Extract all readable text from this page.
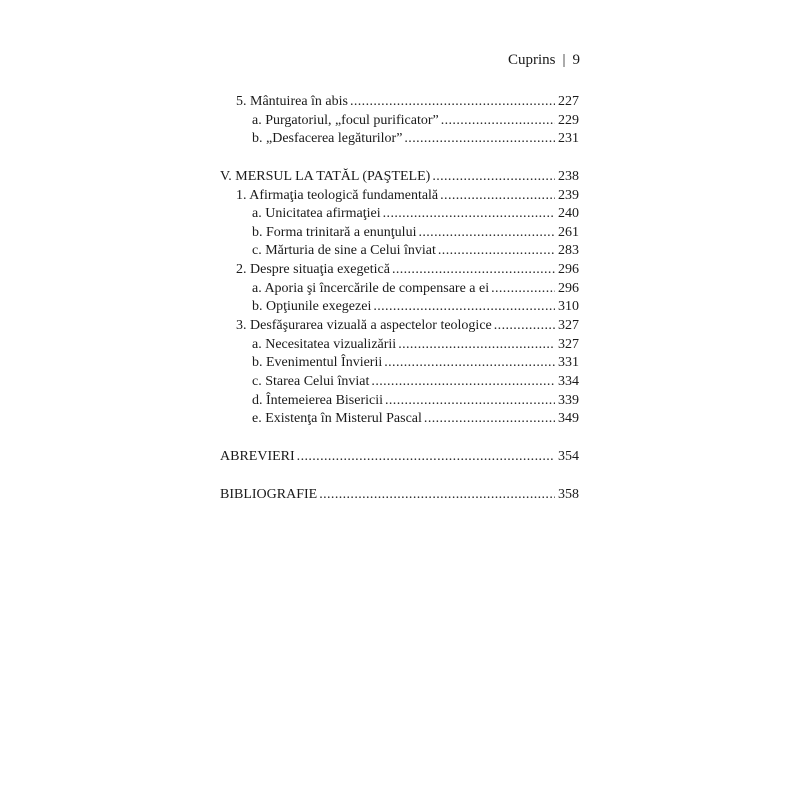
Cuprins | 9
5. Mântuirea în abis .....	227
a. Purgatoriul, „focul purificator” .....	229
b. „Desfacerea legăturilor” .....	231
V. MERSUL LA TATĂL (PAŞTELE) .....	238
1. Afirmaţia teologică fundamentală .....	239
a. Unicitatea afirmaţiei .....	240
b. Forma trinitară a enunţului .....	261
c. Mărturia de sine a Celui înviat .....	283
2. Despre situaţia exegetică .....	296
a. Aporia şi încercările de compensare a ei .....	296
b. Opţiunile exegezei .....	310
3. Desfăşurarea vizuală a aspectelor teologice .....	327
a. Necesitatea vizualizării .....	327
b. Evenimentul Învierii .....	331
c. Starea Celui înviat .....	334
d. Întemeierea Bisericii .....	339
e. Existenţa în Misterul Pascal .....	349
ABREVIERI .....	354
BIBLIOGRAFIE .....	358
